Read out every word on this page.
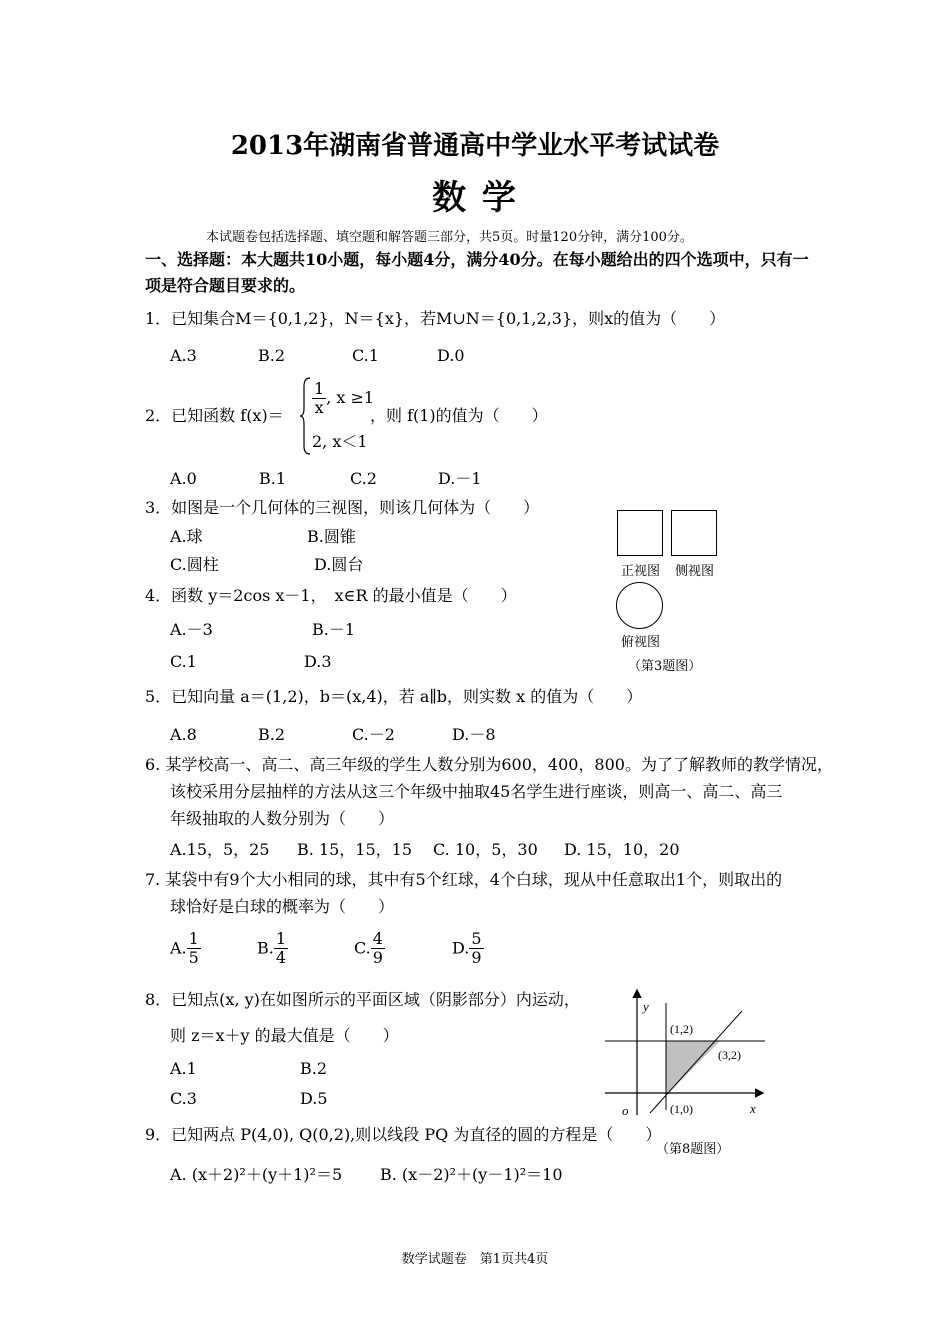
2013年湖南省普通高中学业水平考试试卷
数 学
本试题卷包括选择题、填空题和解答题三部分，共5页。时量120分钟，满分100分。
一、选择题：本大题共10小题，每小题4分，满分40分。在每小题给出的四个选项中，只有一
项是符合题目要求的。
1．已知集合M＝{0,1,2}，N＝{x}，若M∪N＝{0,1,2,3}，则x的值为（　　）
A.3	B.2	C.1	D.0
2．已知函数 $f(x)= \frac{1}{x}$ , x ≥1
2, x＜1
，则 f(1)的值为（　　）
A.0	B.1	C.2	D.－1
3．如图是一个几何体的三视图，则该几何体为（　　）
A.球	B.圆锥
C.圆柱	D.圆台	正视图 侧视图
俯视图
（第3题图）
4．函数 y＝2cos x－1，　x∈R 的最小值是（　　）
A.－3	B.－1
C.1	D.3
5．已知向量 a＝(1,2)，b＝(x,4)，若 a∥b，则实数 x 的值为（　　）
A.8	B.2	C.－2	D.－8
6. 某学校高一、高二、高三年级的学生人数分别为600，400，800。为了了解教师的教学情况，
该校采用分层抽样的方法从这三个年级中抽取45名学生进行座谈，则高一、高二、高三
年级抽取的人数分别为（　　）
A.15，5，25 B. 15，15，15 C. 10，5，30 D. 15，10，20
7. 某袋中有9个大小相同的球，其中有5个红球，4个白球，现从中任意取出1个，则取出的
球恰好是白球的概率为（　　）
A. $\frac{1}{5}$	B. $\frac{1}{4}$	C. $\frac{4}{9}$	D. $\frac{5}{9}$
8．已知点(x, y)在如图所示的平面区域（阴影部分）内运动，
则 z＝x＋y 的最大值是（　　）
A.1	B.2
C.3	D.5
y
x
o
(1,2)
(3,2)
(1,0)
（第8题图）
9．已知两点 P(4,0), Q(0,2),则以线段 PQ 为直径的圆的方程是（　　）
A. (x＋2)²＋(y＋1)²＝5 B. (x－2)²＋(y－1)²＝10
数学试题卷　第1页共4页
